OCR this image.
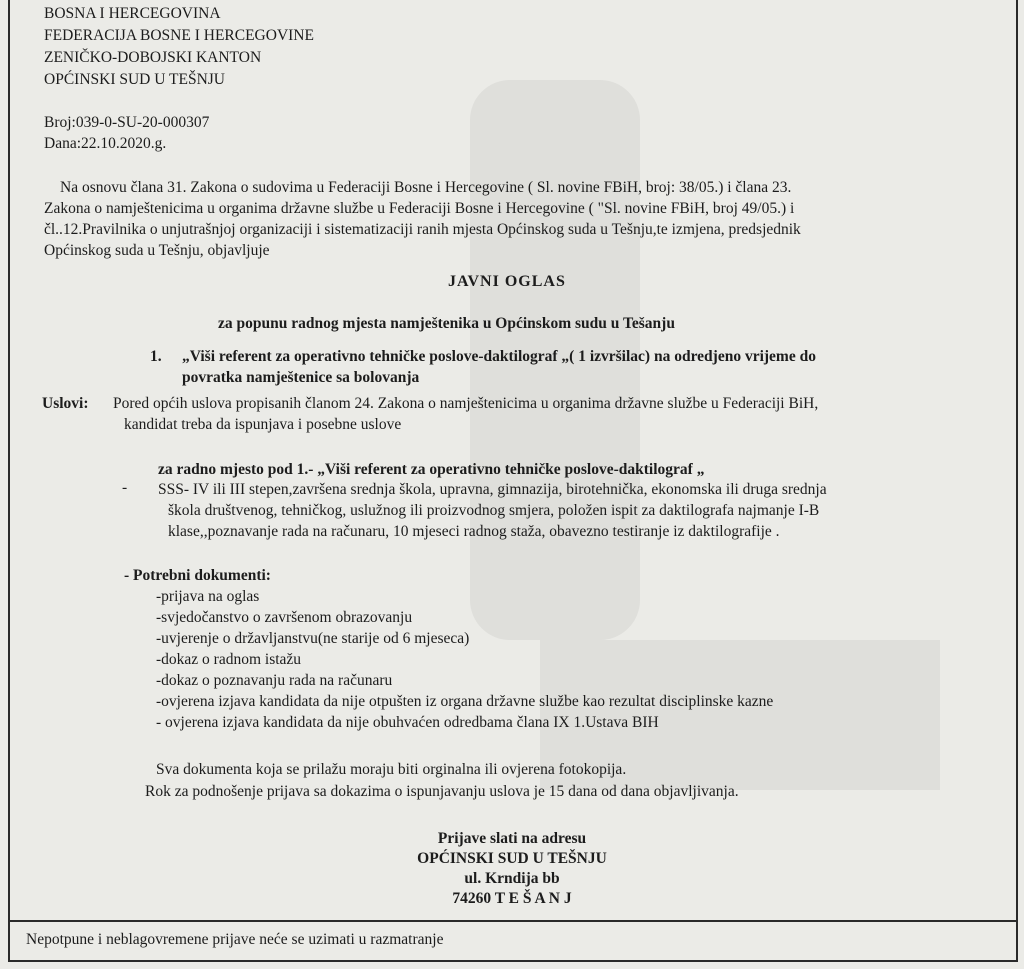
BOSNA I HERCEGOVINA
FEDERACIJA BOSNE I HERCEGOVINE
ZENIČKO-DOBOJSKI KANTON
OPĆINSKI SUD U TEŠNJU
Broj:039-0-SU-20-000307
Dana:22.10.2020.g.
Na osnovu člana 31. Zakona o sudovima u Federaciji Bosne i Hercegovine ( Sl. novine FBiH, broj: 38/05.) i člana 23.
Zakona o namještenicima u organima državne službe u Federaciji Bosne i Hercegovine ( "Sl. novine FBiH, broj 49/05.) i
čl..12.Pravilnika o unjutrašnjoj organizaciji i sistematizaciji ranih mjesta Općinskog suda u Tešnju,te izmjena, predsjednik
Općinskog suda u Tešnju, objavljuje
JAVNI OGLAS
za popunu radnog mjesta namještenika u Općinskom sudu u Tešanju
1. „Viši referent za operativno tehničke poslove-daktilograf „( 1 izvršilac) na odredjeno vrijeme do
povratka namještenice sa bolovanja
Uslovi: Pored općih uslova propisanih članom 24. Zakona o namještenicima u organima državne službe u Federaciji BiH,
kandidat treba da ispunjava i posebne uslove
za radno mjesto pod 1.- „Viši referent za operativno tehničke poslove-daktilograf „
- SSS- IV ili III stepen,završena srednja škola, upravna, gimnazija, birotehnička, ekonomska ili druga srednja
škola društvenog, tehničkog, uslužnog ili proizvodnog smjera, položen ispit za daktilografa najmanje I-B
klase,,poznavanje rada na računaru, 10 mjeseci radnog staža, obavezno testiranje iz daktilografije .
- Potrebni dokumenti:
-prijava na oglas
-svjedočanstvo o završenom obrazovanju
-uvjerenje o državljanstvu(ne starije od 6 mjeseca)
-dokaz o radnom istažu
-dokaz o poznavanju rada na računaru
-ovjerena izjava kandidata da nije otpušten iz organa državne službe kao rezultat disciplinske kazne
- ovjerena izjava kandidata da nije obuhvaćen odredbama člana IX 1.Ustava BIH
Sva dokumenta koja se prilažu moraju biti orginalna ili ovjerena fotokopija.
Rok za podnošenje prijava sa dokazima o ispunjavanju uslova je 15 dana od dana objavljivanja.
Prijave slati na adresu
OPĆINSKI SUD U TEŠNJU
ul. Krndija bb
74260 T E Š A N J
Nepotpune i neblagovremene prijave neće se uzimati u razmatranje
